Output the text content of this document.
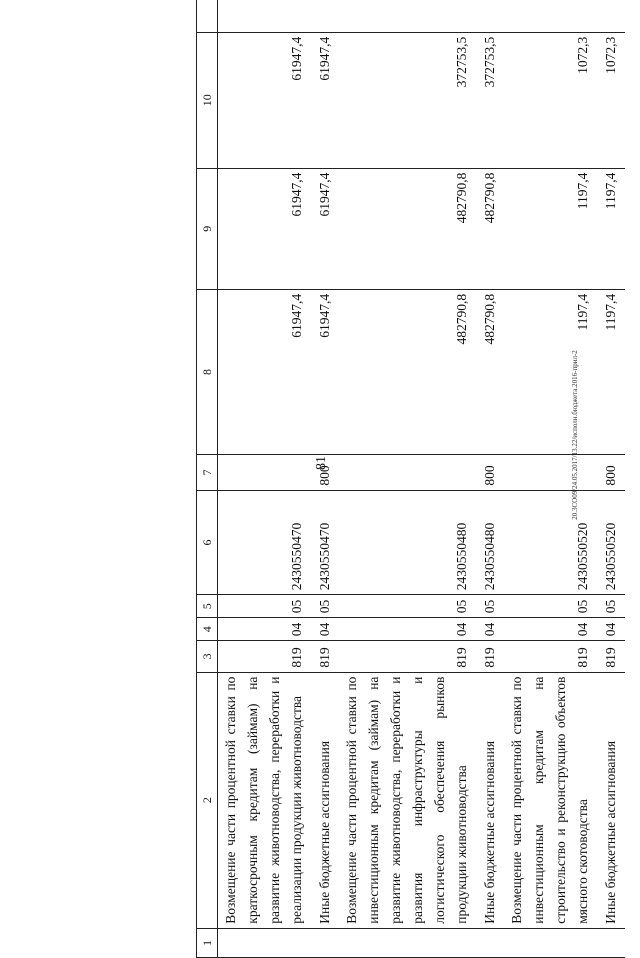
81	20.3СО09/24.05.2017/13.22/исполн.бюджета.2016-прил-2
1	2	3	4	5	6	7	8	9	10	
	Возмещение части процентной ставки по краткосрочным кредитам (займам) на развитие животноводства, переработки и реализации продукции животноводства	819	04	05	2430550470		61947,4	61947,4	61947,4	
	Иные бюджетные ассигнования	819	04	05	2430550470	800	61947,4	61947,4	61947,4	
	Возмещение части процентной ставки по инвестиционным кредитам (займам) на развитие животноводства, переработки и развития инфраструктуры и логистического обеспечения рынков продукции животноводства	819	04	05	2430550480		482790,8	482790,8	372753,5	
	Иные бюджетные ассигнования	819	04	05	2430550480	800	482790,8	482790,8	372753,5	
	Возмещение части процентной ставки по инвестиционным кредитам на строительство и реконструкцию объектов мясного скотоводства	819	04	05	2430550520		1197,4	1197,4	1072,3	
	Иные бюджетные ассигнования	819	04	05	2430550520	800	1197,4	1197,4	1072,3	
